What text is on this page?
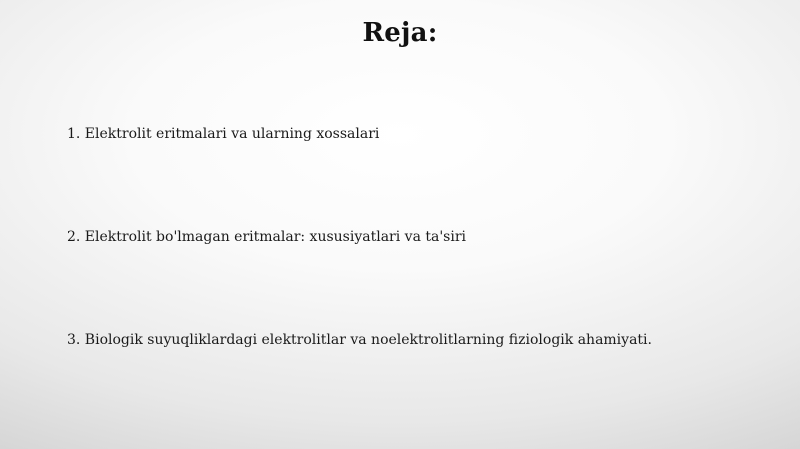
Reja:
1. Elektrolit eritmalari va ularning xossalari
2. Elektrolit bo'lmagan eritmalar: xususiyatlari va ta'siri
3. Biologik suyuqliklardagi elektrolitlar va noelektrolitlarning fiziologik ahamiyati.
